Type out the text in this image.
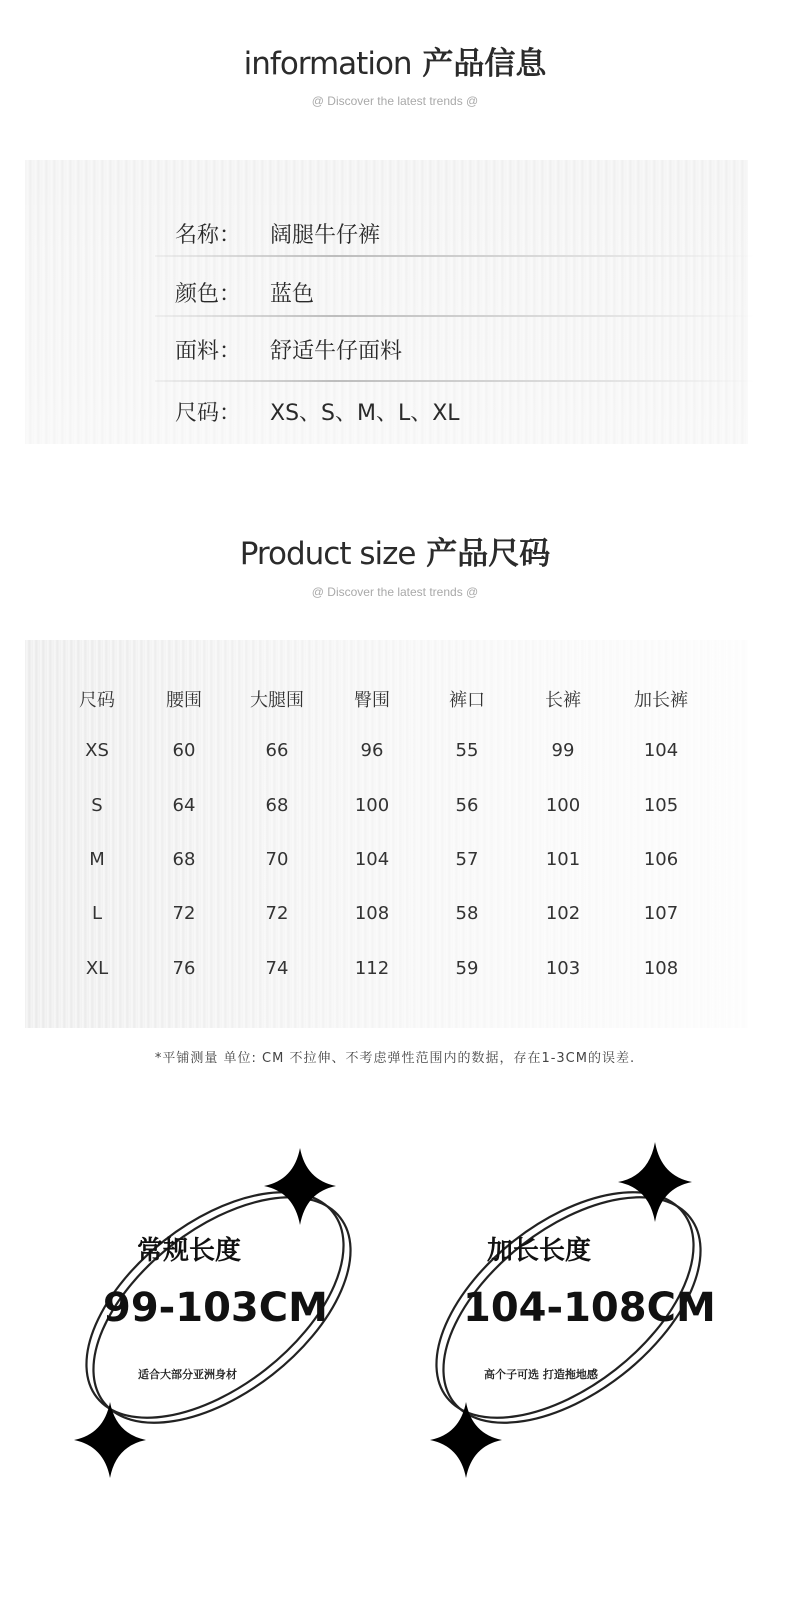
information 产品信息
@ Discover the latest trends @
名称： 阔腿牛仔裤
颜色： 蓝色
面料： 舒适牛仔面料
尺码： XS、S、M、L、XL
Product size 产品尺码
@ Discover the latest trends @
尺码	腰围	大腿围	臀围	裤口	长裤	加长裤
XS	60	66	96	55	99	104
S	64	68	100	56	100	105
M	68	70	104	57	101	106
L	72	72	108	58	102	107
XL	76	74	112	59	103	108
*平铺测量 单位: CM 不拉伸、不考虑弹性范围内的数据，存在1-3CM的误差.
常规长度
99-103CM
适合大部分亚洲身材
加长长度
104-108CM
高个子可选 打造拖地感
